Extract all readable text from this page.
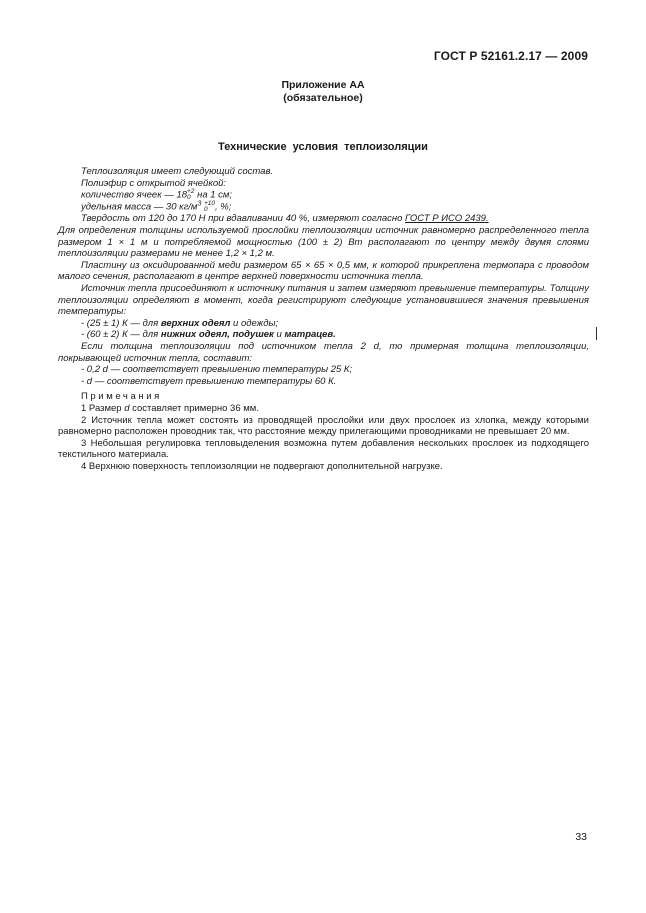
ГОСТ Р 52161.2.17 — 2009
Приложение АА
(обязательное)
Технические условия теплоизоляции

Теплоизоляция имеет следующий состав.

Полиэфир с открытой ячейкой:

количество ячеек — 18+2
0 на 1 см;

удельная масса — 30 $кг/м^3 +10$
0 , %;

Твердость от 120 до 170 Н при вдавливании 40 %, измеряют согласно ГОСТ Р ИСО 2439.

Для определения толщины используемой прослойки теплоизоляции источник равномерно распределенного тепла размером 1 × 1 м и потребляемой мощностью (100 ± 2) Вт располагают по центру между двумя слоями теплоизоляции размерами не менее 1,2 × 1,2 м.

Пластину из оксидированной меди размером 65 × 65 × 0,5 мм, к которой прикреплена термопара с проводом малого сечения, располагают в центре верхней поверхности источника тепла.

Источник тепла присоединяют к источнику питания и затем измеряют превышение температуры. Толщину теплоизоляции определяют в момент, когда регистрируют следующие установившиеся значения превышения температуры:

- (25 ± 1) К — для верхних одеял и одежды;

- (60 ± 2) К — для нижних одеял, подушек и матрацев.

Если толщина теплоизоляции под источником тепла 2 d, то примерная толщина теплоизоляции, покрывающей источник тепла, составит:

- 0,2 d — соответствует превышению температуры 25 К;

- d — соответствует превышению температуры 60 К.

Примечания

1 Размер d составляет примерно 36 мм.

2 Источник тепла может состоять из проводящей прослойки или двух прослоек из хлопка, между которыми равномерно расположен проводник так, что расстояние между прилегающими проводниками не превышает 20 мм.

3 Небольшая регулировка тепловыделения возможна путем добавления нескольких прослоек из подходящего текстильного материала.

4 Верхнюю поверхность теплоизоляции не подвергают дополнительной нагрузке.

33
